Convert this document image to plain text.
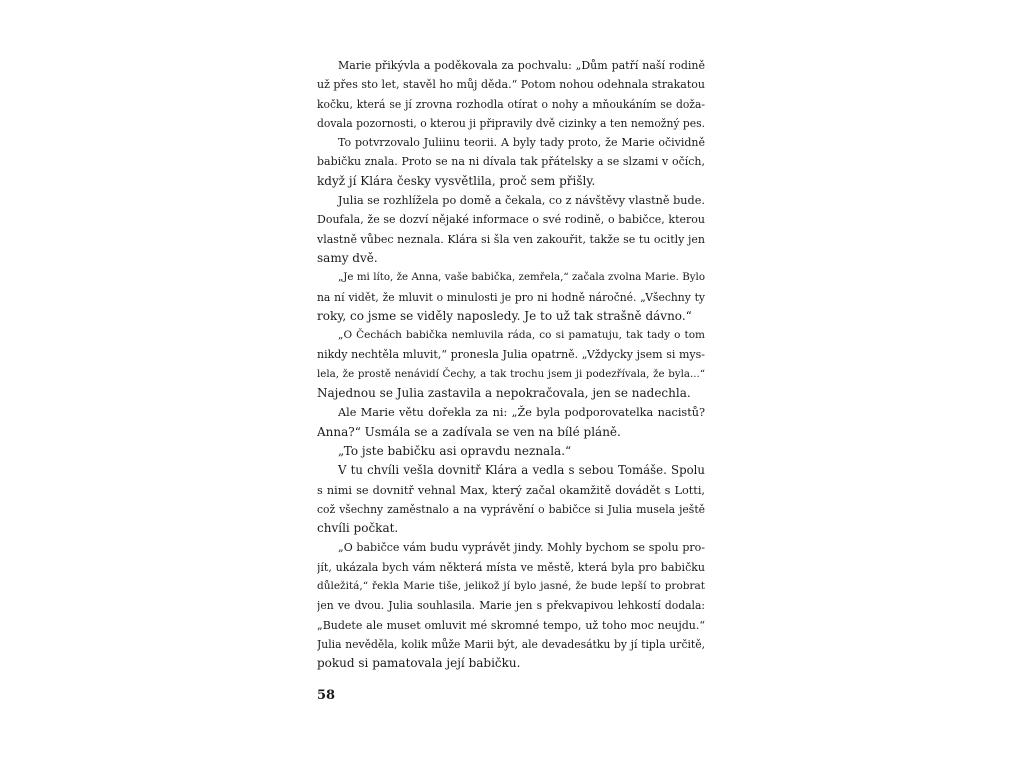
Marie přikývla a poděkovala za pochvalu: „Dům patří naší rodině
už přes sto let, stavěl ho můj děda.“ Potom nohou odehnala strakatou
kočku, která se jí zrovna rozhodla otírat o nohy a mňoukáním se doža-
dovala pozornosti, o kterou ji připravily dvě cizinky a ten nemožný pes.
To potvrzovalo Juliinu teorii. A byly tady proto, že Marie očividně
babičku znala. Proto se na ni dívala tak přátelsky a se slzami v očích,
když jí Klára česky vysvětlila, proč sem přišly.
Julia se rozhlížela po domě a čekala, co z návštěvy vlastně bude.
Doufala, že se dozví nějaké informace o své rodině, o babičce, kterou
vlastně vůbec neznala. Klára si šla ven zakouřit, takže se tu ocitly jen
samy dvě.
„Je mi líto, že Anna, vaše babička, zemřela,“ začala zvolna Marie. Bylo
na ní vidět, že mluvit o minulosti je pro ni hodně náročné. „Všechny ty
roky, co jsme se viděly naposledy. Je to už tak strašně dávno.“
„O Čechách babička nemluvila ráda, co si pamatuju, tak tady o tom
nikdy nechtěla mluvit,“ pronesla Julia opatrně. „Vždycky jsem si mys-
lela, že prostě nenávidí Čechy, a tak trochu jsem ji podezřívala, že byla...“
Najednou se Julia zastavila a nepokračovala, jen se nadechla.
Ale Marie větu dořekla za ni: „Že byla podporovatelka nacistů?
Anna?“ Usmála se a zadívala se ven na bílé pláně.
„To jste babičku asi opravdu neznala.“
V tu chvíli vešla dovnitř Klára a vedla s sebou Tomáše. Spolu
s nimi se dovnitř vehnal Max, který začal okamžitě dovádět s Lotti,
což všechny zaměstnalo a na vyprávění o babičce si Julia musela ještě
chvíli počkat.
„O babičce vám budu vyprávět jindy. Mohly bychom se spolu pro-
jít, ukázala bych vám některá místa ve městě, která byla pro babičku
důležitá,“ řekla Marie tiše, jelikož jí bylo jasné, že bude lepší to probrat
jen ve dvou. Julia souhlasila. Marie jen s překvapivou lehkostí dodala:
„Budete ale muset omluvit mé skromné tempo, už toho moc neujdu.“
Julia nevěděla, kolik může Marii být, ale devadesátku by jí tipla určitě,
pokud si pamatovala její babičku.
58
